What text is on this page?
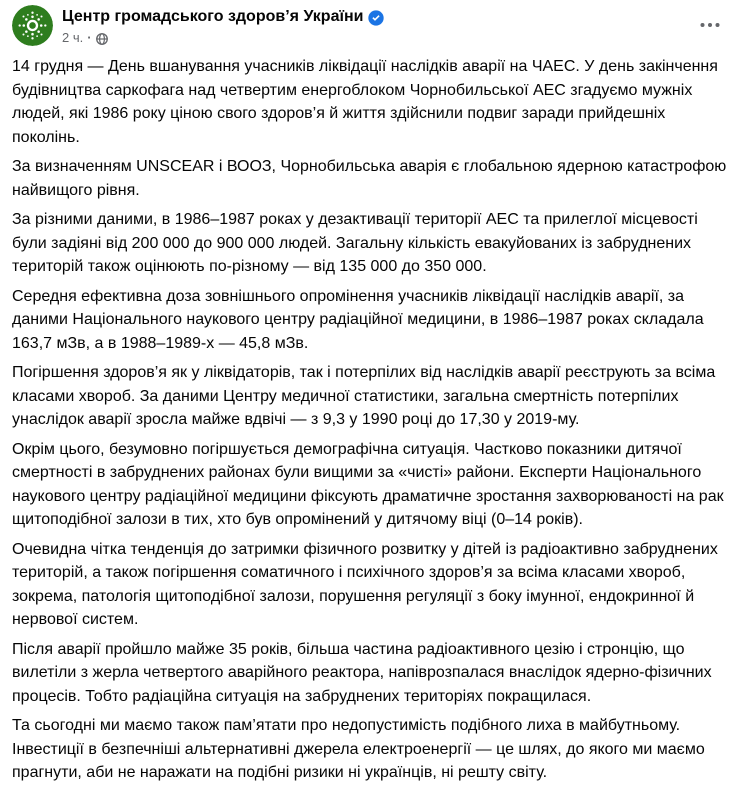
Центр громадського здоров’я України
2 ч. ·

14 грудня — День вшанування учасників ліквідації наслідків аварії на ЧАЕС. У день закінчення будівництва саркофага над четвертим енергоблоком Чорнобильської АЕС згадуємо мужніх людей, які 1986 року ціною свого здоров’я й життя здійснили подвиг заради прийдешніх поколінь.

За визначенням UNSCEAR і ВООЗ, Чорнобильська аварія є глобальною ядерною катастрофою найвищого рівня.

За різними даними, в 1986–1987 роках у дезактивації території АЕС та прилеглої місцевості були задіяні від 200 000 до 900 000 людей. Загальну кількість евакуйованих із забруднених територій також оцінюють по-різному — від 135 000 до 350 000.

Середня ефективна доза зовнішнього опромінення учасників ліквідації наслідків аварії, за даними Національного наукового центру радіаційної медицини, в 1986–1987 роках складала 163,7 мЗв, а в 1988–1989-х — 45,8 мЗв.

Погіршення здоров’я як у ліквідаторів, так і потерпілих від наслідків аварії реєструють за всіма класами хвороб. За даними Центру медичної статистики, загальна смертність потерпілих унаслідок аварії зросла майже вдвічі — з 9,3 у 1990 році до 17,30 у 2019-му.

Окрім цього, безумовно погіршується демографічна ситуація. Частково показники дитячої смертності в забруднених районах були вищими за «чисті» райони. Експерти Національного наукового центру радіаційної медицини фіксують драматичне зростання захворюваності на рак щитоподібної залози в тих, хто був опромінений у дитячому віці (0–14 років).

Очевидна чітка тенденція до затримки фізичного розвитку у дітей із радіоактивно забруднених територій, а також погіршення соматичного і психічного здоров’я за всіма класами хвороб, зокрема, патологія щитоподібної залози, порушення регуляції з боку імунної, ендокринної й нервової систем.

Після аварії пройшло майже 35 років, більша частина радіоактивного цезію і стронцію, що вилетіли з жерла четвертого аварійного реактора, напіврозпалася внаслідок ядерно-фізичних процесів. Тобто радіаційна ситуація на забруднених територіях покращилася.

Та сьогодні ми маємо також пам’ятати про недопустимість подібного лиха в майбутньому. Інвестиції в безпечніші альтернативні джерела електроенергії — це шлях, до якого ми маємо прагнути, аби не наражати на подібні ризики ні українців, ні решту світу.
